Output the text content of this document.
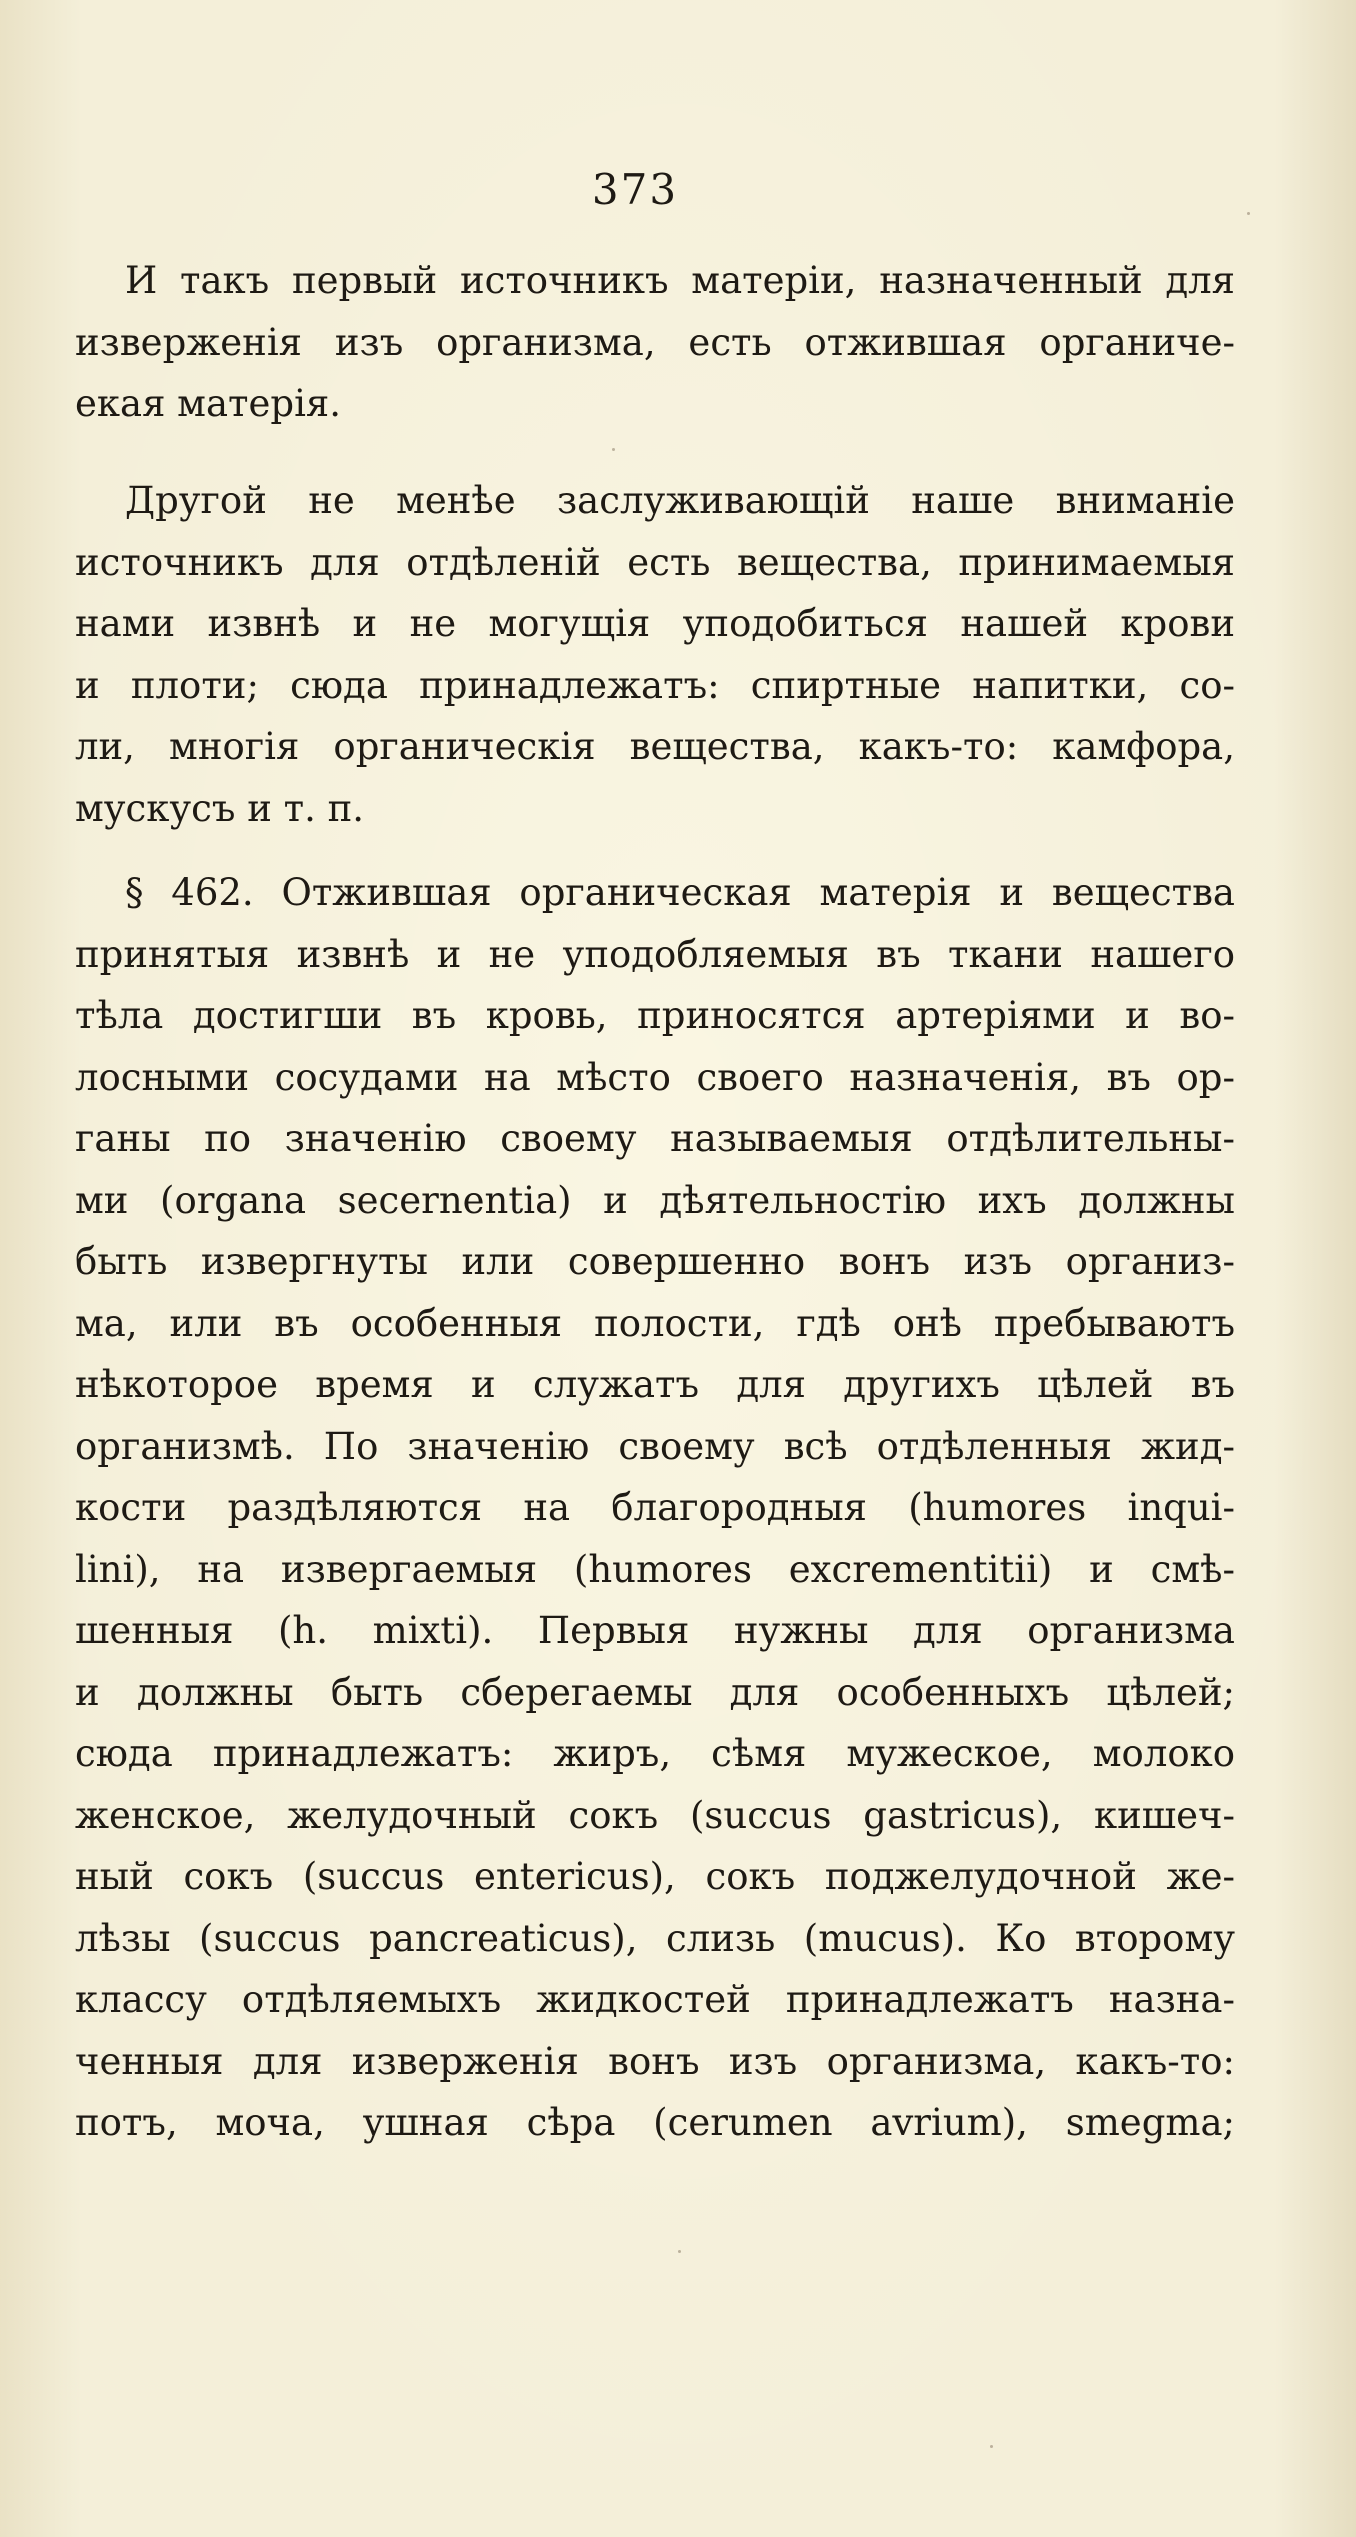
373
И такъ первый источникъ матерiи, назначенный для
изверженiя изъ организма, есть отжившая органиче-
екая матерiя.
Другой не менѣе заслуживающiй наше вниманiе
источникъ для отдѣленiй есть вещества, принимаемыя
нами извнѣ и не могущiя уподобиться нашей крови
и плоти; сюда принадлежатъ: спиртные напитки, со-
ли, многiя органическiя вещества, какъ-то: камфора,
мускусъ и т. п.
§ 462. Отжившая органическая матерiя и вещества
принятыя извнѣ и не уподобляемыя въ ткани нашего
тѣла достигши въ кровь, приносятся артерiями и во-
лосными сосудами на мѣсто своего назначенiя, въ ор-
ганы по значенiю своему называемыя отдѣлительны-
ми (organa secernentia) и дѣятельностiю ихъ должны
быть извергнуты или совершенно вонъ изъ организ-
ма, или въ особенныя полости, гдѣ онѣ пребываютъ
нѣкоторое время и служатъ для другихъ цѣлей въ
организмѣ. По значенiю своему всѣ отдѣленныя жид-
кости раздѣляются на благородныя (humores inqui-
lini), на извергаемыя (humores excrementitii) и смѣ-
шенныя (h. mixti). Первыя нужны для организма
и должны быть сберегаемы для особенныхъ цѣлей;
сюда принадлежатъ: жиръ, сѣмя мужеское, молоко
женское, желудочный сокъ (succus gastricus), кишеч-
ный сокъ (succus entericus), сокъ поджелудочной же-
лѣзы (succus pancreaticus), слизь (mucus). Ко второму
классу отдѣляемыхъ жидкостей принадлежатъ назна-
ченныя для изверженiя вонъ изъ организма, какъ-то:
потъ, моча, ушная сѣра (cerumen avrium), smegma;
